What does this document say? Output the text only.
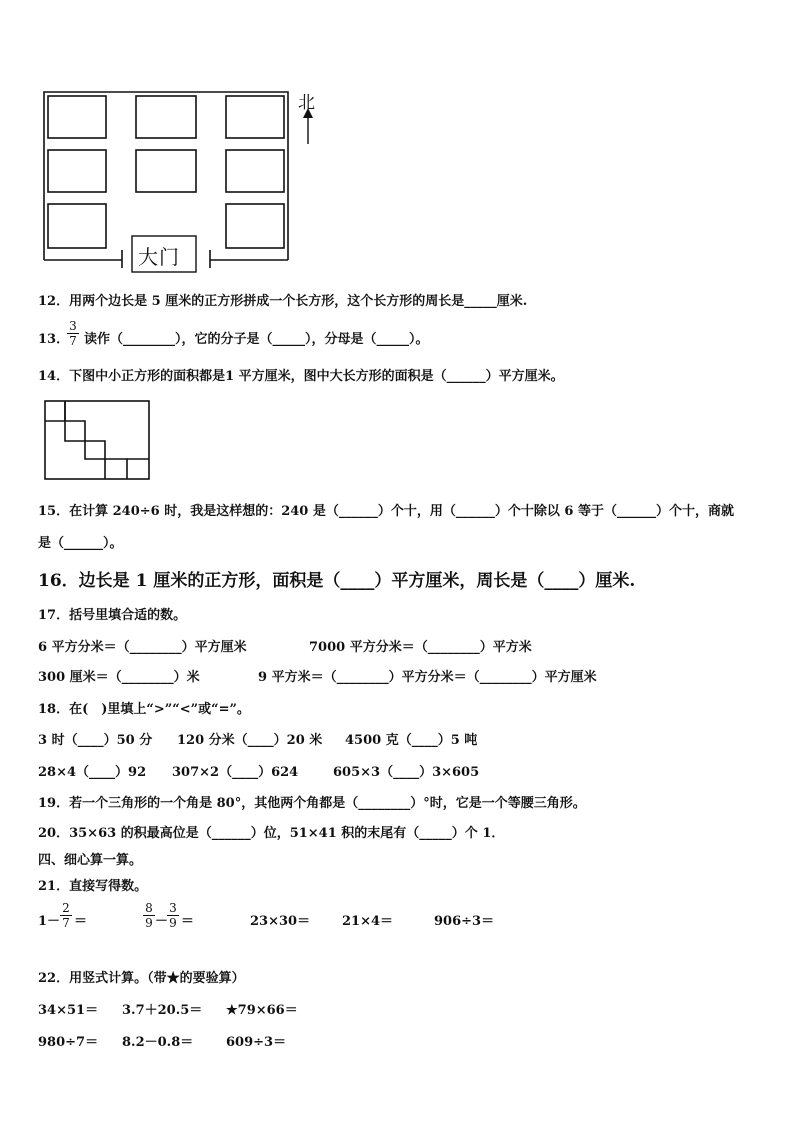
北
大门
12．用两个边长是 5 厘米的正方形拼成一个长方形，这个长方形的周长是_____厘米.
13．
$\frac{3}{7}$ 读作（________），它的分子是（_____），分母是（_____）。
14．下图中小正方形的面积都是1 平方厘米，图中大长方形的面积是（______）平方厘米。
15．在计算 240÷6 时，我是这样想的：240 是（______）个十，用（______）个十除以 6 等于（______）个十，商就
是（______）。
16．边长是 1 厘米的正方形，面积是（____）平方厘米，周长是（____）厘米.
17．括号里填合适的数。
6 平方分米＝（________）平方厘米	7000 平方分米＝（________）平方米
300 厘米＝（________）米	9 平方米＝（________）平方分米＝（________）平方厘米
18．在(　)里填上“>”“<”或“=”。
3 时（____）50 分 120 分米（____）20 米 4500 克（____）5 吨
28×4（____）92 307×2（____）624	605×3（____）3×605
19．若一个三角形的一个角是 80°，其他两个角都是（________）°时，它是一个等腰三角形。
20．35×63 的积最高位是（______）位，51×41 积的末尾有（_____）个 1．
四、细心算一算。
21．直接写得数。
$1- \frac{2}{7}$ ＝	$\frac{8}{9}$ －
$\frac{3}{9}$ ＝	23×30＝ 21×4＝	906÷3＝
22．用竖式计算。（带★的要验算）
34×51＝ 3.7＋20.5＝ ★79×66＝
980÷7＝ 8.2－0.8＝	609÷3＝
